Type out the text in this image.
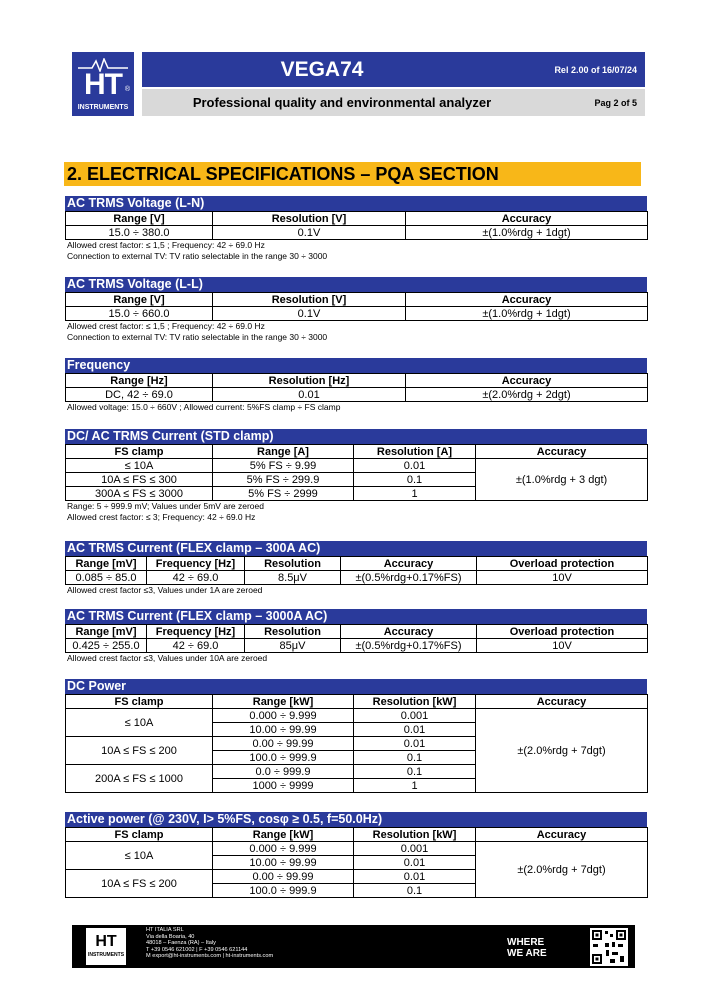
HT ®
INSTRUMENTS
VEGA74	Rel 2.00 of 16/07/24
Professional quality and environmental analyzer	Pag 2 of 5
2. ELECTRICAL SPECIFICATIONS – PQA SECTION
AC TRMS Voltage (L-N)
Range [V]	Resolution [V]	Accuracy
15.0 ÷ 380.0	0.1V	±(1.0%rdg + 1dgt)
Allowed crest factor: ≤ 1,5 ; Frequency: 42 ÷ 69.0 Hz
Connection to external TV: TV ratio selectable in the range 30 ÷ 3000
AC TRMS Voltage (L-L)
Range [V]	Resolution [V]	Accuracy
15.0 ÷ 660.0	0.1V	±(1.0%rdg + 1dgt)
Allowed crest factor: ≤ 1,5 ; Frequency: 42 ÷ 69.0 Hz
Connection to external TV: TV ratio selectable in the range 30 ÷ 3000
Frequency
Range [Hz]	Resolution [Hz]	Accuracy
DC, 42 ÷ 69.0	0.01	±(2.0%rdg + 2dgt)
Allowed voltage: 15.0 ÷ 660V ; Allowed current: 5%FS clamp ÷ FS clamp
DC/ AC TRMS Current (STD clamp)
FS clamp	Range [A]	Resolution [A]	Accuracy
≤ 10A	5% FS ÷ 9.99	0.01	±(1.0%rdg + 3 dgt)
10A ≤ FS ≤ 300	5% FS ÷ 299.9	0.1	
300A ≤ FS ≤ 3000	5% FS ÷ 2999	1	
Range: 5 ÷ 999.9 mV; Values under 5mV are zeroed
Allowed crest factor: ≤ 3; Frequency: 42 ÷ 69.0 Hz
AC TRMS Current (FLEX clamp – 300A AC)
Range [mV]	Frequency [Hz]	Resolution	Accuracy	Overload protection
0.085 ÷ 85.0	42 ÷ 69.0	8.5μV	±(0.5%rdg+0.17%FS)	10V
Allowed crest factor ≤3, Values under 1A are zeroed
AC TRMS Current (FLEX clamp – 3000A AC)
Range [mV]	Frequency [Hz]	Resolution	Accuracy	Overload protection
0.425 ÷ 255.0	42 ÷ 69.0	85μV	±(0.5%rdg+0.17%FS)	10V
Allowed crest factor ≤3, Values under 10A are zeroed
DC Power
FS clamp	Range [kW]	Resolution [kW]	Accuracy
≤ 10A	0.000 ÷ 9.999	0.001	±(2.0%rdg + 7dgt)
	10.00 ÷ 99.99	0.01	
10A ≤ FS ≤ 200	0.00 ÷ 99.99	0.01	
	100.0 ÷ 999.9	0.1	
200A ≤ FS ≤ 1000	0.0 ÷ 999.9	0.1	
	1000 ÷ 9999	1	
Active power (@ 230V, I> 5%FS, cosφ ≥ 0.5, f=50.0Hz)
FS clamp	Range [kW]	Resolution [kW]	Accuracy
≤ 10A	0.000 ÷ 9.999	0.001	±(2.0%rdg + 7dgt)
	10.00 ÷ 99.99	0.01	
10A ≤ FS ≤ 200	0.00 ÷ 99.99	0.01	
	100.0 ÷ 999.9	0.1	
HT
INSTRUMENTS
HT ITALIA SRL
Via della Boaria, 40
48018 – Faenza (RA) – Italy
T +39 0546 621002 | F +39 0546 621144
M export@ht-instruments.com | ht-instruments.com
WHERE
WE ARE
